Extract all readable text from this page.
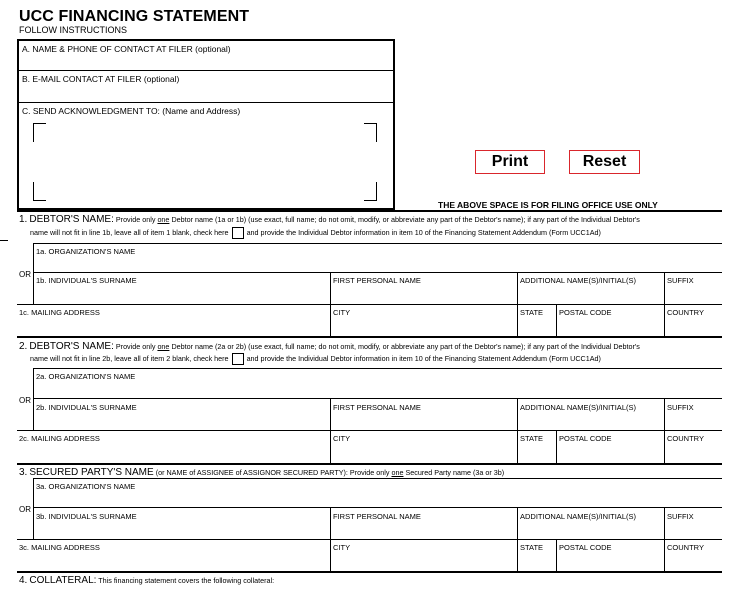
UCC FINANCING STATEMENT
FOLLOW INSTRUCTIONS
A. NAME & PHONE OF CONTACT AT FILER (optional)
B. E-MAIL CONTACT AT FILER (optional)
C. SEND ACKNOWLEDGMENT TO: (Name and Address)
Print	Reset
THE ABOVE SPACE IS FOR FILING OFFICE USE ONLY
1. DEBTOR'S NAME: Provide only one Debtor name (1a or 1b) (use exact, full name; do not omit, modify, or abbreviate any part of the Debtor's name); if any part of the Individual Debtor's
name will not fit in line 1b, leave all of item 1 blank, check here	and provide the Individual Debtor information in item 10 of the Financing Statement Addendum (Form UCC1Ad)
1a. ORGANIZATION'S NAME
OR
1b. INDIVIDUAL'S SURNAME	FIRST PERSONAL NAME	ADDITIONAL NAME(S)/INITIAL(S)	SUFFIX
1c. MAILING ADDRESS	CITY	STATE POSTAL CODE	COUNTRY
2. DEBTOR'S NAME: Provide only one Debtor name (2a or 2b) (use exact, full name; do not omit, modify, or abbreviate any part of the Debtor's name); if any part of the Individual Debtor's
name will not fit in line 2b, leave all of item 2 blank, check here	and provide the Individual Debtor information in item 10 of the Financing Statement Addendum (Form UCC1Ad)
2a. ORGANIZATION'S NAME
OR
2b. INDIVIDUAL'S SURNAME	FIRST PERSONAL NAME	ADDITIONAL NAME(S)/INITIAL(S)	SUFFIX
2c. MAILING ADDRESS	CITY	STATE POSTAL CODE	COUNTRY
3. SECURED PARTY'S NAME (or NAME of ASSIGNEE of ASSIGNOR SECURED PARTY): Provide only one Secured Party name (3a or 3b)
3a. ORGANIZATION'S NAME
OR
3b. INDIVIDUAL'S SURNAME	FIRST PERSONAL NAME	ADDITIONAL NAME(S)/INITIAL(S)	SUFFIX
3c. MAILING ADDRESS	CITY	STATE POSTAL CODE	COUNTRY
4. COLLATERAL: This financing statement covers the following collateral:
